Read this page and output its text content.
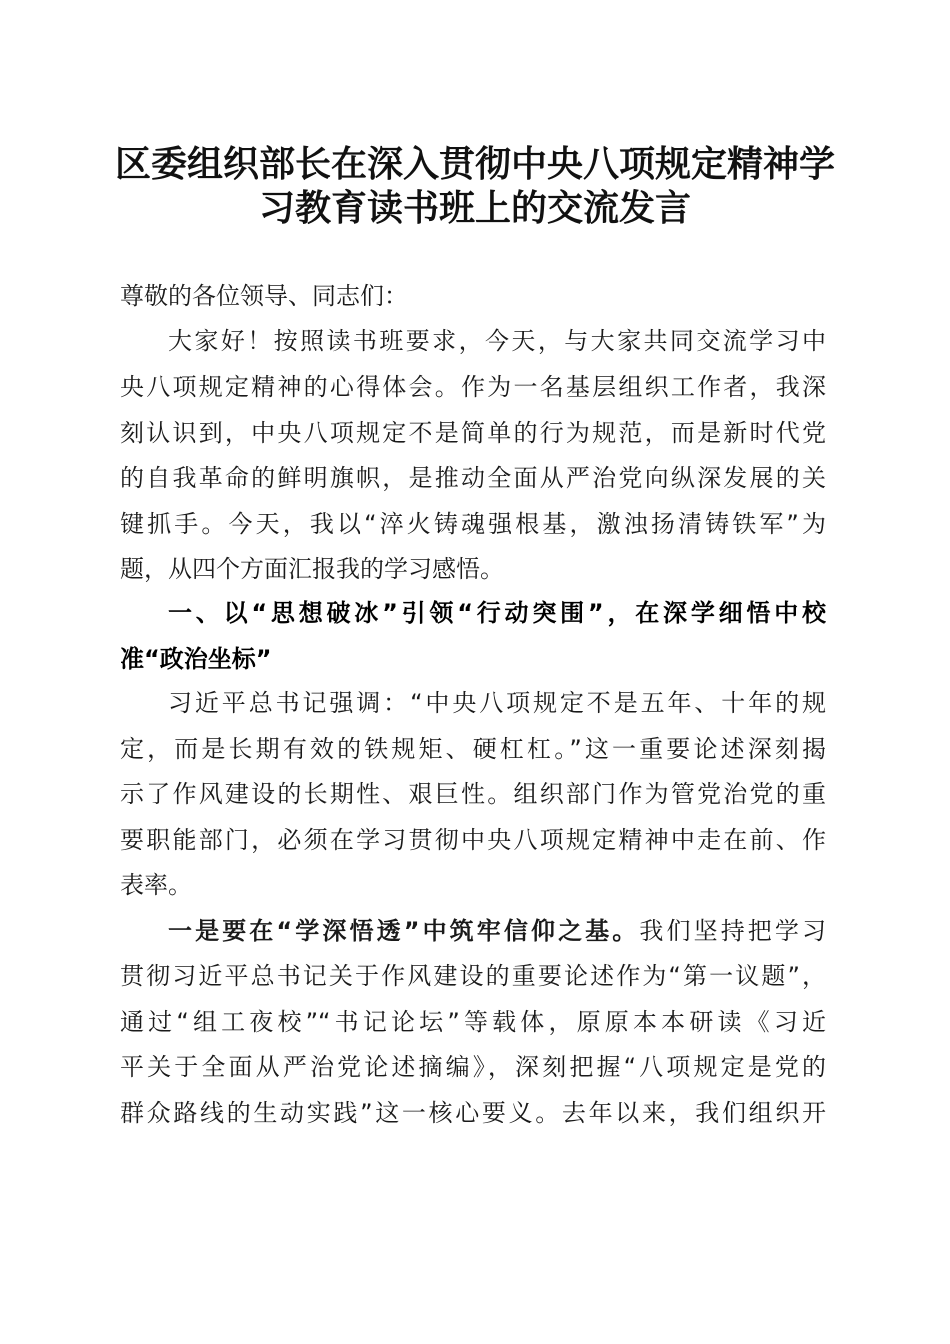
区委组织部长在深入贯彻中央八项规定精神学
习教育读书班上的交流发言
尊敬的各位领导、同志们：
大家好！按照读书班要求，今天，与大家共同交流学习中
央八项规定精神的心得体会。作为一名基层组织工作者，我深
刻认识到，中央八项规定不是简单的行为规范，而是新时代党
的自我革命的鲜明旗帜，是推动全面从严治党向纵深发展的关
键抓手。今天，我以“淬火铸魂强根基，激浊扬清铸铁军”为
题，从四个方面汇报我的学习感悟。
一、以“思想破冰”引领“行动突围”，在深学细悟中校
准“政治坐标”
习近平总书记强调：“中央八项规定不是五年、十年的规
定，而是长期有效的铁规矩、硬杠杠。”这一重要论述深刻揭
示了作风建设的长期性、艰巨性。组织部门作为管党治党的重
要职能部门，必须在学习贯彻中央八项规定精神中走在前、作
表率。
一是要在“学深悟透”中筑牢信仰之基。我们坚持把学习
贯彻习近平总书记关于作风建设的重要论述作为“第一议题”，
通过“组工夜校”“书记论坛”等载体，原原本本研读《习近
平关于全面从严治党论述摘编》，深刻把握“八项规定是党的
群众路线的生动实践”这一核心要义。去年以来，我们组织开
